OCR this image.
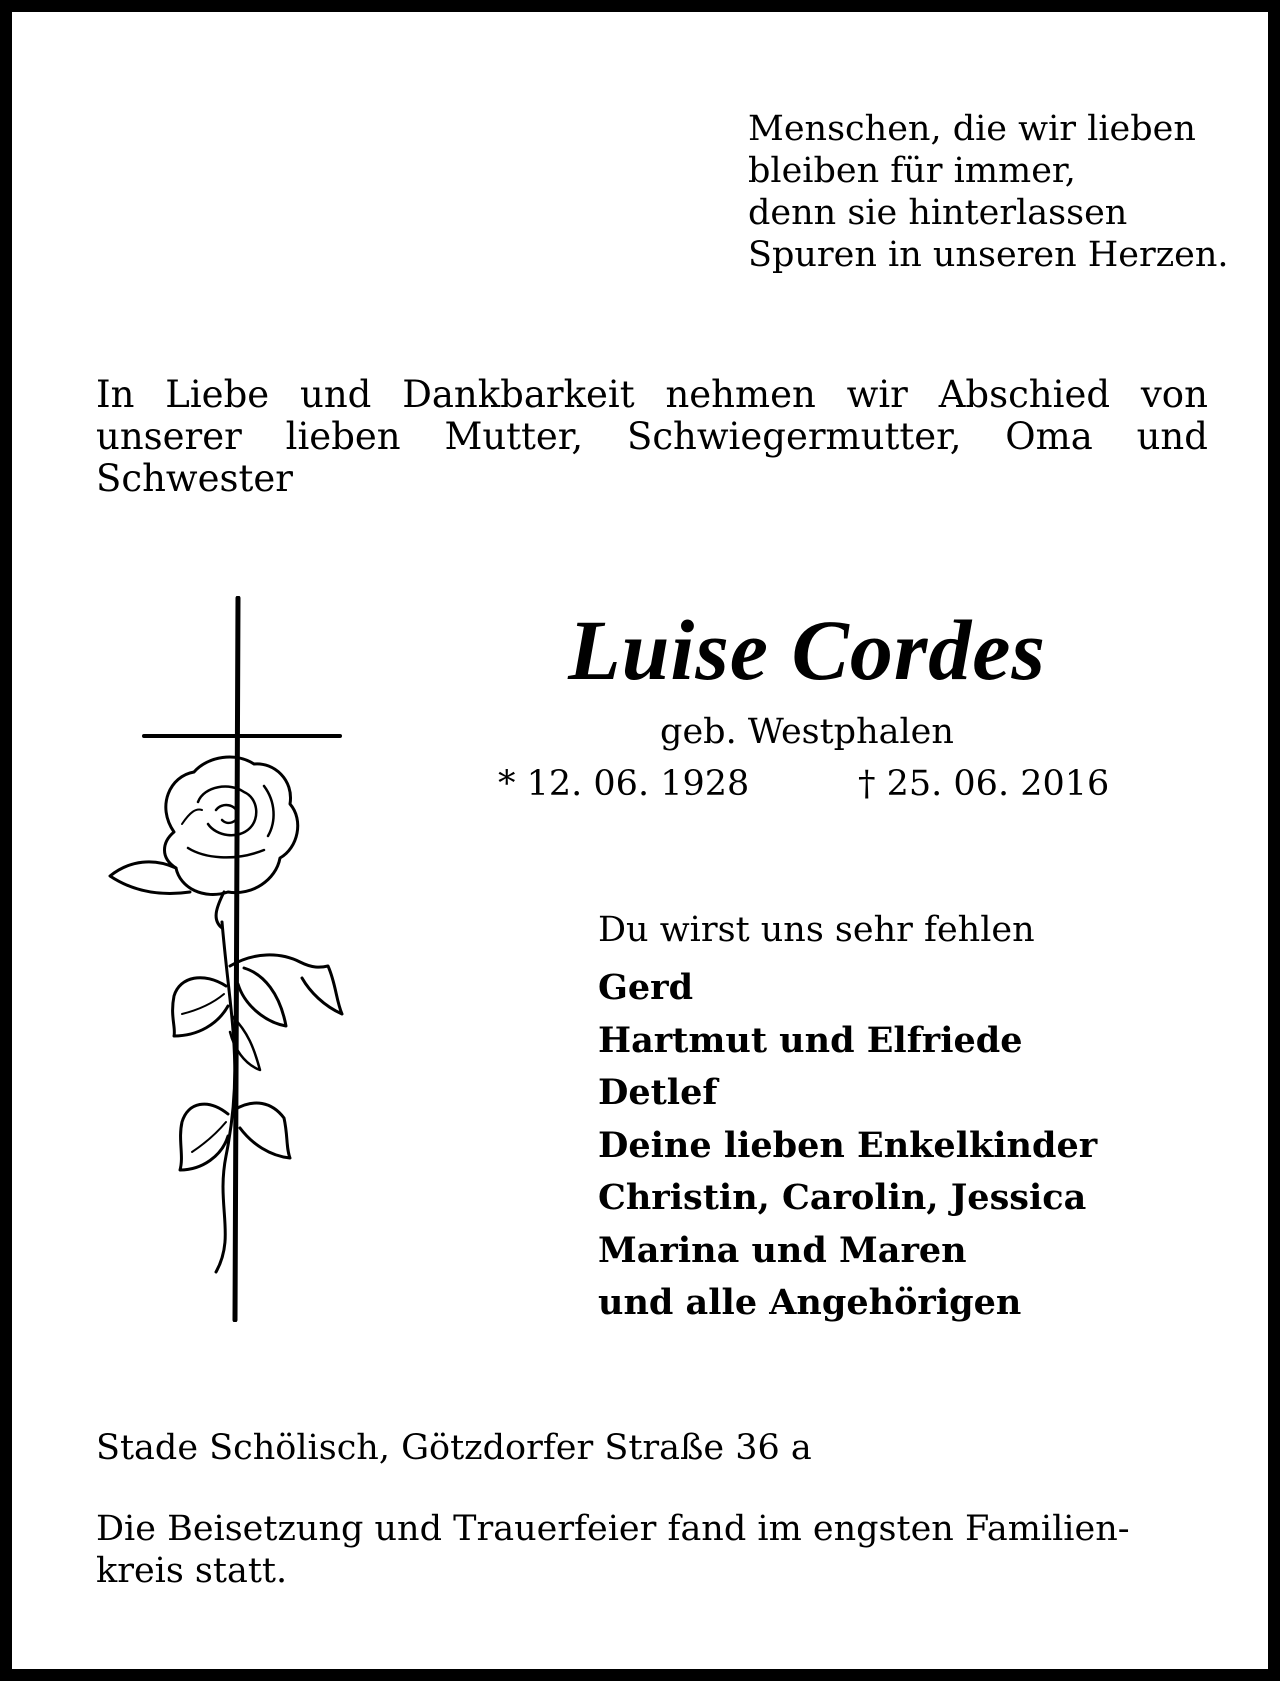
Menschen, die wir lieben
bleiben für immer,
denn sie hinterlassen
Spuren in unseren Herzen.
In Liebe und Dankbarkeit nehmen wir Abschied von
unserer lieben Mutter, Schwiegermutter, Oma und
Schwester
Luise Cordes
geb. Westphalen
* 12. 06. 1928	† 25. 06. 2016
Du wirst uns sehr fehlen
Gerd
Hartmut und Elfriede
Detlef
Deine lieben Enkelkinder
Christin, Carolin, Jessica
Marina und Maren
und alle Angehörigen
Stade Schölisch, Götzdorfer Straße 36 a
Die Beisetzung und Trauerfeier fand im engsten Familien-
kreis statt.
